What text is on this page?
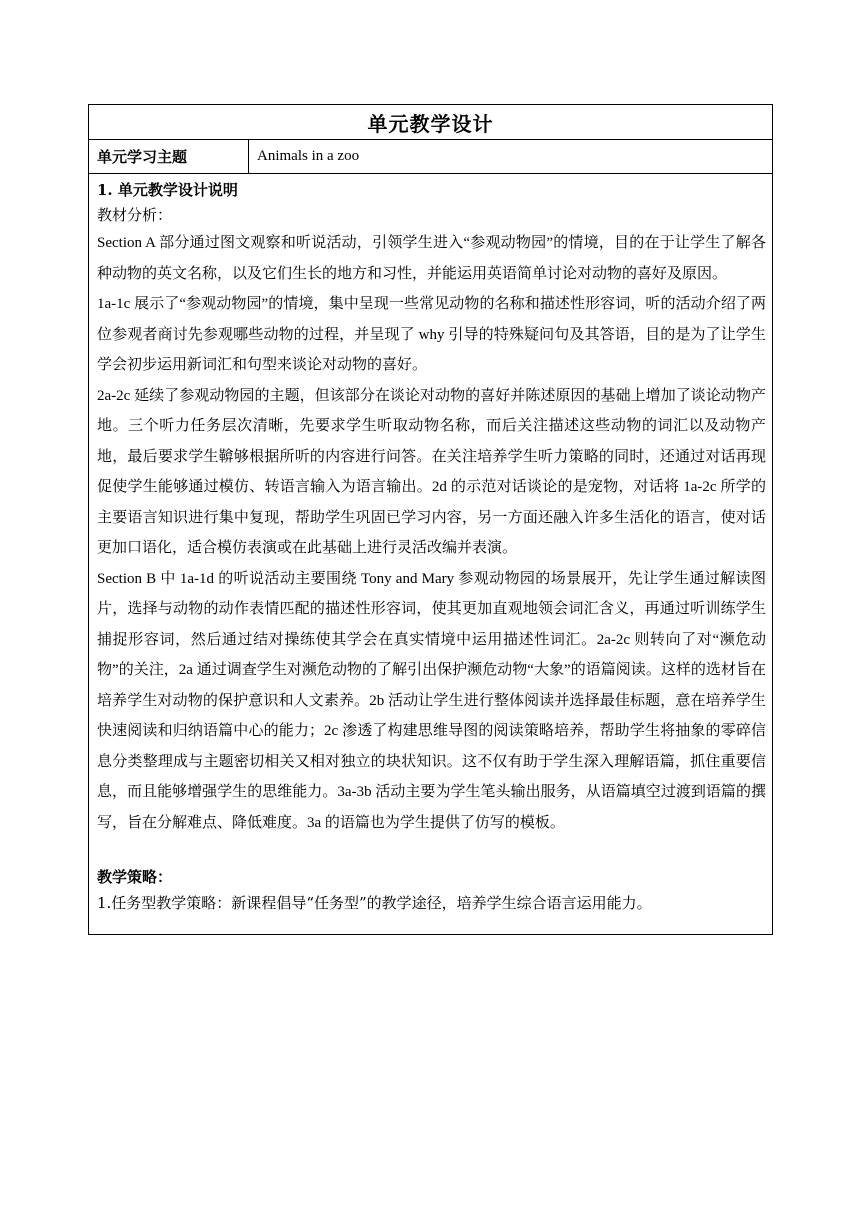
单元教学设计
单元学习主题	Animals in a zoo
1. 单元教学设计说明
教材分析：

Section A 部分通过图文观察和听说活动，引领学生进入“参观动物园”的情境，目的在于让学生了解各种动物的英文名称，以及它们生长的地方和习性，并能运用英语简单讨论对动物的喜好及原因。

1a-1c 展示了“参观动物园”的情境，集中呈现一些常见动物的名称和描述性形容词，听的活动介绍了两位参观者商讨先参观哪些动物的过程，并呈现了 why 引导的特殊疑问句及其答语，目的是为了让学生学会初步运用新词汇和句型来谈论对动物的喜好。

2a-2c 延续了参观动物园的主题，但该部分在谈论对动物的喜好并陈述原因的基础上增加了谈论动物产地。三个听力任务层次清晰，先要求学生听取动物名称，而后关注描述这些动物的词汇以及动物产地，最后要求学生鞥够根据所听的内容进行问答。在关注培养学生听力策略的同时，还通过对话再现促使学生能够通过模仿、转语言输入为语言输出。2d 的示范对话谈论的是宠物，对话将 1a-2c 所学的主要语言知识进行集中复现，帮助学生巩固已学习内容，另一方面还融入许多生活化的语言，使对话更加口语化，适合模仿表演或在此基础上进行灵活改编并表演。

Section B 中 1a-1d 的听说活动主要围绕 Tony and Mary 参观动物园的场景展开，先让学生通过解读图片，选择与动物的动作表情匹配的描述性形容词，使其更加直观地领会词汇含义，再通过听训练学生捕捉形容词，然后通过结对操练使其学会在真实情境中运用描述性词汇。2a-2c 则转向了对“濒危动物”的关注，2a 通过调查学生对濒危动物的了解引出保护濒危动物“大象”的语篇阅读。这样的选材旨在培养学生对动物的保护意识和人文素养。2b 活动让学生进行整体阅读并选择最佳标题，意在培养学生快速阅读和归纳语篇中心的能力；2c 渗透了构建思维导图的阅读策略培养，帮助学生将抽象的零碎信息分类整理成与主题密切相关又相对独立的块状知识。这不仅有助于学生深入理解语篇，抓住重要信息，而且能够增强学生的思维能力。3a-3b 活动主要为学生笔头输出服务，从语篇填空过渡到语篇的撰写，旨在分解难点、降低难度。3a 的语篇也为学生提供了仿写的模板。

教学策略：
1.任务型教学策略：新课程倡导“任务型”的教学途径，培养学生综合语言运用能力。
